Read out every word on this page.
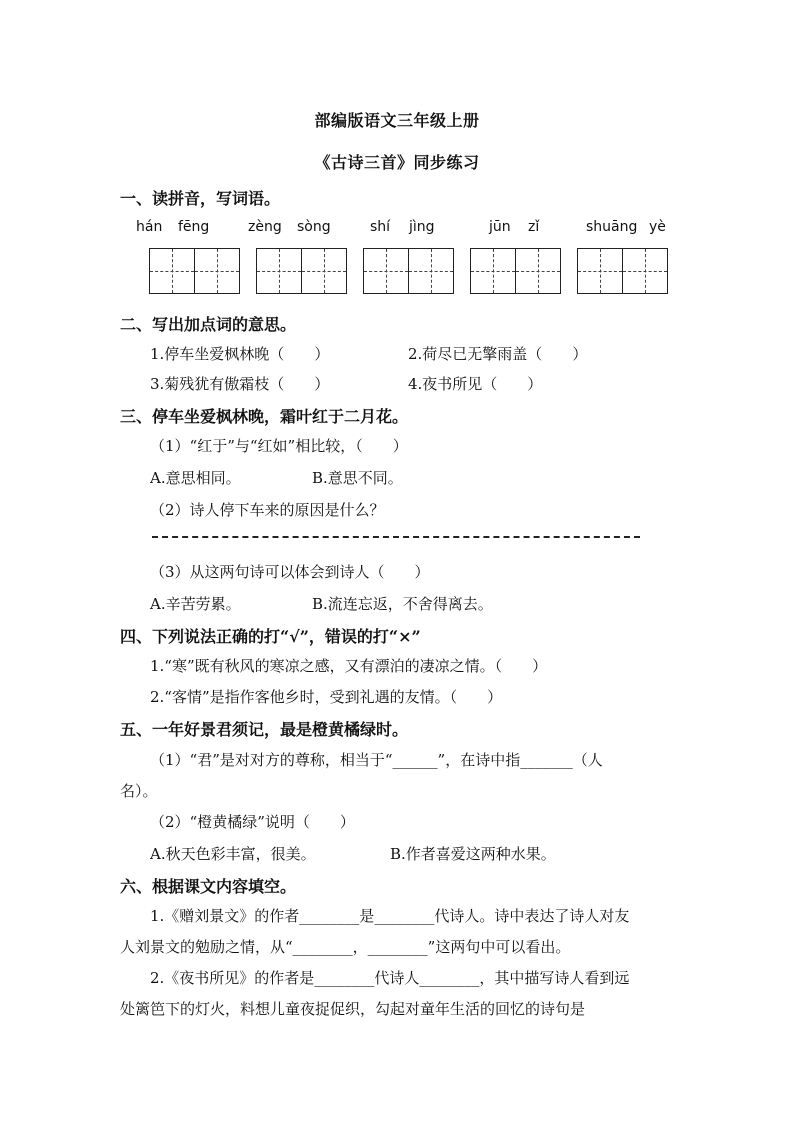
部编版语文三年级上册
《古诗三首》同步练习
一、读拼音，写词语。
hán fēng	zèng sòng	shí jìng	jūn zǐ	shuāng yè
二、写出加点词的意思。
1.停车坐爱枫林晚（　　）	2.荷尽已无擎雨盖（　　）
3.菊残犹有傲霜枝（　　）	4.夜书所见（　　）
三、停车坐爱枫林晚，霜叶红于二月花。
（1）“红于”与“红如”相比较，（　　）
A.意思相同。	B.意思不同。
（2）诗人停下车来的原因是什么？
（3）从这两句诗可以体会到诗人（　　）
A.辛苦劳累。	B.流连忘返，不舍得离去。
四、下列说法正确的打“√”，错误的打“×”
1.“寒”既有秋风的寒凉之感，又有漂泊的凄凉之情。（　　）
2.“客情”是指作客他乡时，受到礼遇的友情。（　　）
五、一年好景君须记，最是橙黄橘绿时。
（1）“君”是对对方的尊称，相当于“______”，在诗中指_______（人
名）。
（2）“橙黄橘绿”说明（　　）
A.秋天色彩丰富，很美。	B.作者喜爱这两种水果。
六、根据课文内容填空。
1.《赠刘景文》的作者________是________代诗人。诗中表达了诗人对友
人刘景文的勉励之情，从“________，________”这两句中可以看出。
2.《夜书所见》的作者是________代诗人________，其中描写诗人看到远
处篱笆下的灯火，料想儿童夜捉促织，勾起对童年生活的回忆的诗句是
